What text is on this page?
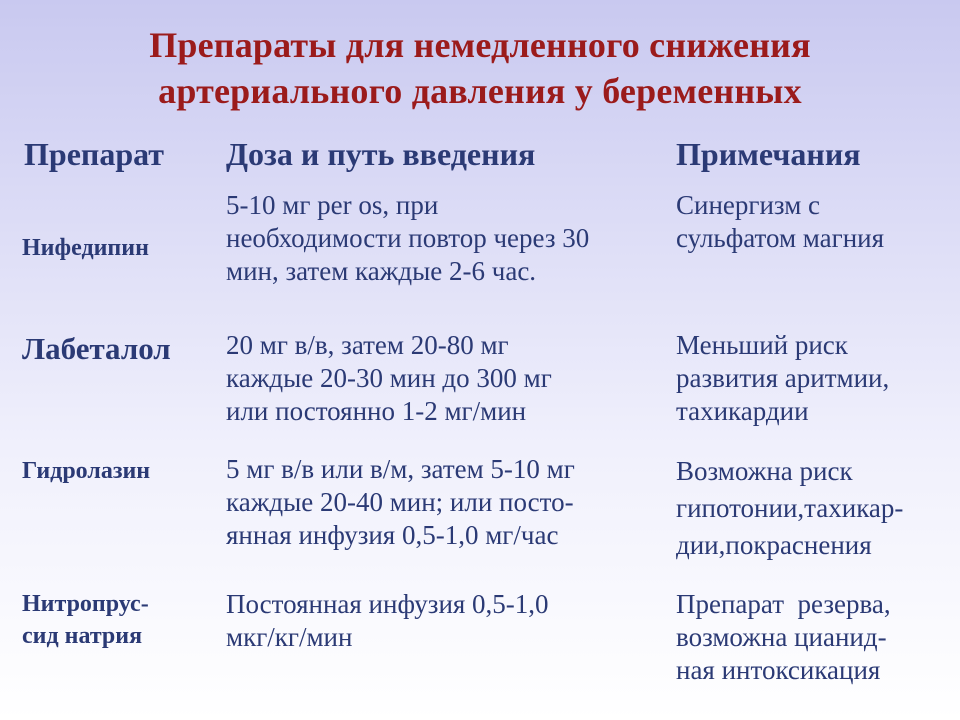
Препараты для немедленного снижения
артериального давления у беременных
Препарат Доза и путь введения	Примечания
Нифедипин
5-10 мг per os, при
необходимости повтор через 30
мин, затем каждые 2-6 час.
Синергизм с
сульфатом магния
Лабеталол 20 мг в/в, затем 20-80 мг
каждые 20-30 мин до 300 мг
или постоянно 1-2 мг/мин
Меньший риск
развития аритмии,
тахикардии
Гидролазин	5 мг в/в или в/м, затем 5-10 мг
каждые 20-40 мин; или посто-
янная инфузия 0,5-1,0 мг/час
Возможна риск
гипотонии,тахикар-
дии,покраснения
Нитропрус-
сид натрия
Постоянная инфузия 0,5-1,0
мкг/кг/мин
Препарат  резерва,
возможна цианид-
ная интоксикация
